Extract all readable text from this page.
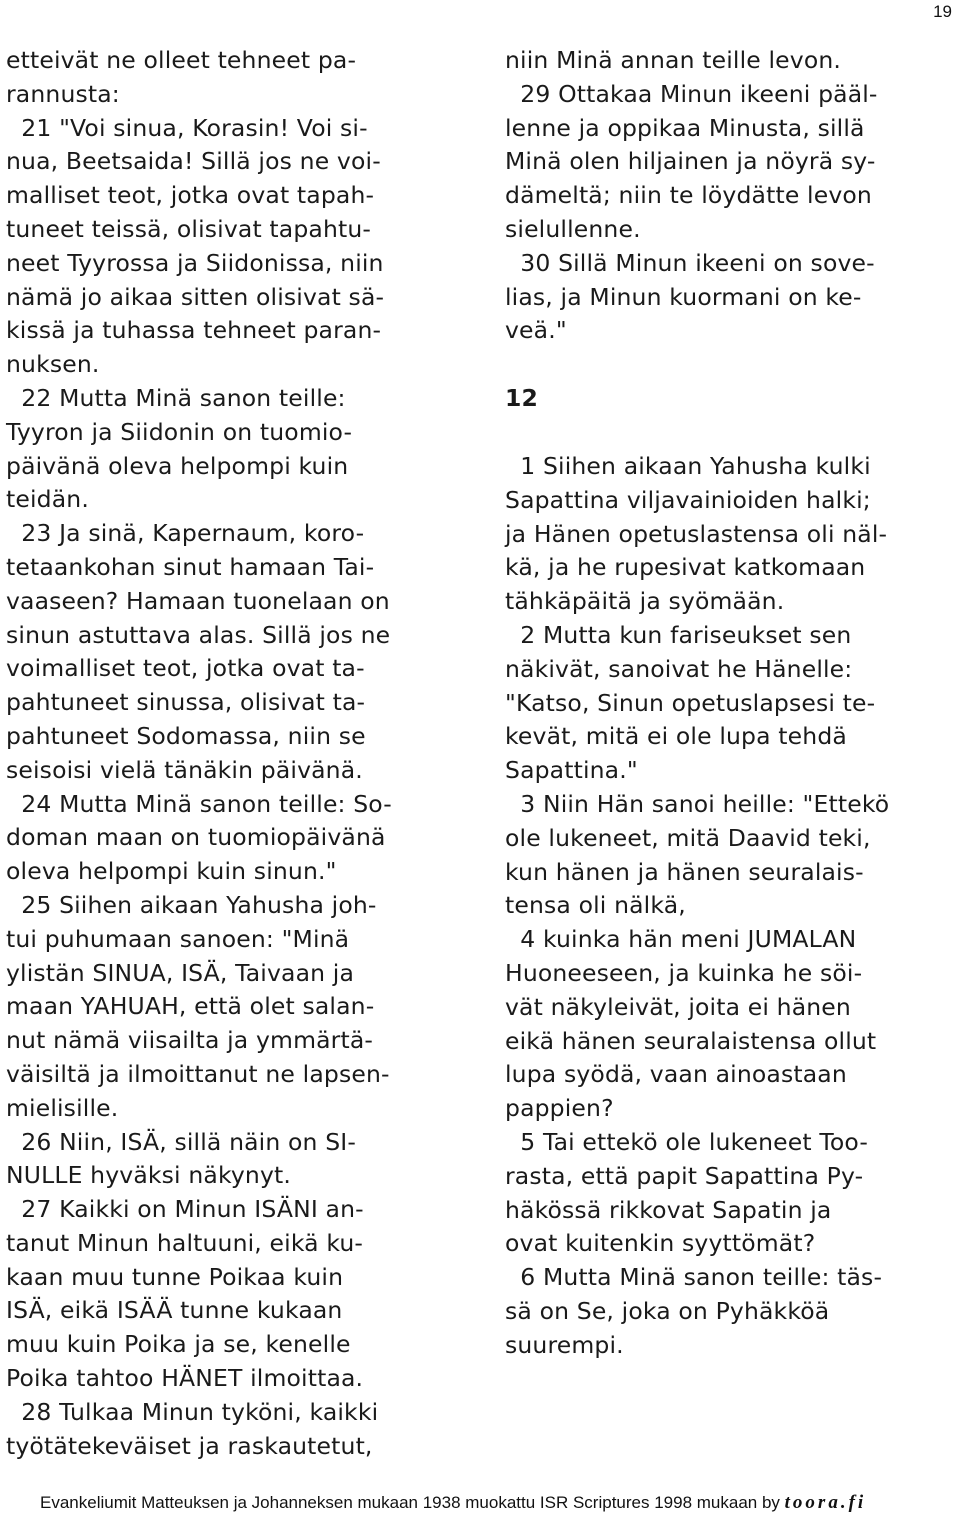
19
etteivät ne olleet tehneet pa-
rannusta:
21 "Voi sinua, Korasin! Voi si-
nua, Beetsaida! Sillä jos ne voi-
malliset teot, jotka ovat tapah-
tuneet teissä, olisivat tapahtu-
neet Tyyrossa ja Siidonissa, niin
nämä jo aikaa sitten olisivat sä-
kissä ja tuhassa tehneet paran-
nuksen.
22 Mutta Minä sanon teille:
Tyyron ja Siidonin on tuomio-
päivänä oleva helpompi kuin
teidän.
23 Ja sinä, Kapernaum, koro-
tetaankohan sinut hamaan Tai-
vaaseen? Hamaan tuonelaan on
sinun astuttava alas. Sillä jos ne
voimalliset teot, jotka ovat ta-
pahtuneet sinussa, olisivat ta-
pahtuneet Sodomassa, niin se
seisoisi vielä tänäkin päivänä.
24 Mutta Minä sanon teille: So-
doman maan on tuomiopäivänä
oleva helpompi kuin sinun."
25 Siihen aikaan Yahusha joh-
tui puhumaan sanoen: "Minä
ylistän SINUA, ISÄ, Taivaan ja
maan YAHUAH, että olet salan-
nut nämä viisailta ja ymmärtä-
väisiltä ja ilmoittanut ne lapsen-
mielisille.
26 Niin, ISÄ, sillä näin on SI-
NULLE hyväksi näkynyt.
27 Kaikki on Minun ISÄNI an-
tanut Minun haltuuni, eikä ku-
kaan muu tunne Poikaa kuin
ISÄ, eikä ISÄÄ tunne kukaan
muu kuin Poika ja se, kenelle
Poika tahtoo HÄNET ilmoittaa.
28 Tulkaa Minun tyköni, kaikki
työtätekeväiset ja raskautetut,
niin Minä annan teille levon.
29 Ottakaa Minun ikeeni pääl-
lenne ja oppikaa Minusta, sillä
Minä olen hiljainen ja nöyrä sy-
dämeltä; niin te löydätte levon
sielullenne.
30 Sillä Minun ikeeni on sove-
lias, ja Minun kuormani on ke-
veä."
12
1 Siihen aikaan Yahusha kulki
Sapattina viljavainioiden halki;
ja Hänen opetuslastensa oli näl-
kä, ja he rupesivat katkomaan
tähkäpäitä ja syömään.
2 Mutta kun fariseukset sen
näkivät, sanoivat he Hänelle:
"Katso, Sinun opetuslapsesi te-
kevät, mitä ei ole lupa tehdä
Sapattina."
3 Niin Hän sanoi heille: "Ettekö
ole lukeneet, mitä Daavid teki,
kun hänen ja hänen seuralais-
tensa oli nälkä,
4 kuinka hän meni JUMALAN
Huoneeseen, ja kuinka he söi-
vät näkyleivät, joita ei hänen
eikä hänen seuralaistensa ollut
lupa syödä, vaan ainoastaan
pappien?
5 Tai ettekö ole lukeneet Too-
rasta, että papit Sapattina Py-
häkössä rikkovat Sapatin ja
ovat kuitenkin syyttömät?
6 Mutta Minä sanon teille: täs-
sä on Se, joka on Pyhäkköä
suurempi.
Evankeliumit Matteuksen ja Johanneksen mukaan 1938 muokattu ISR Scriptures 1998 mukaan by toora.fi
